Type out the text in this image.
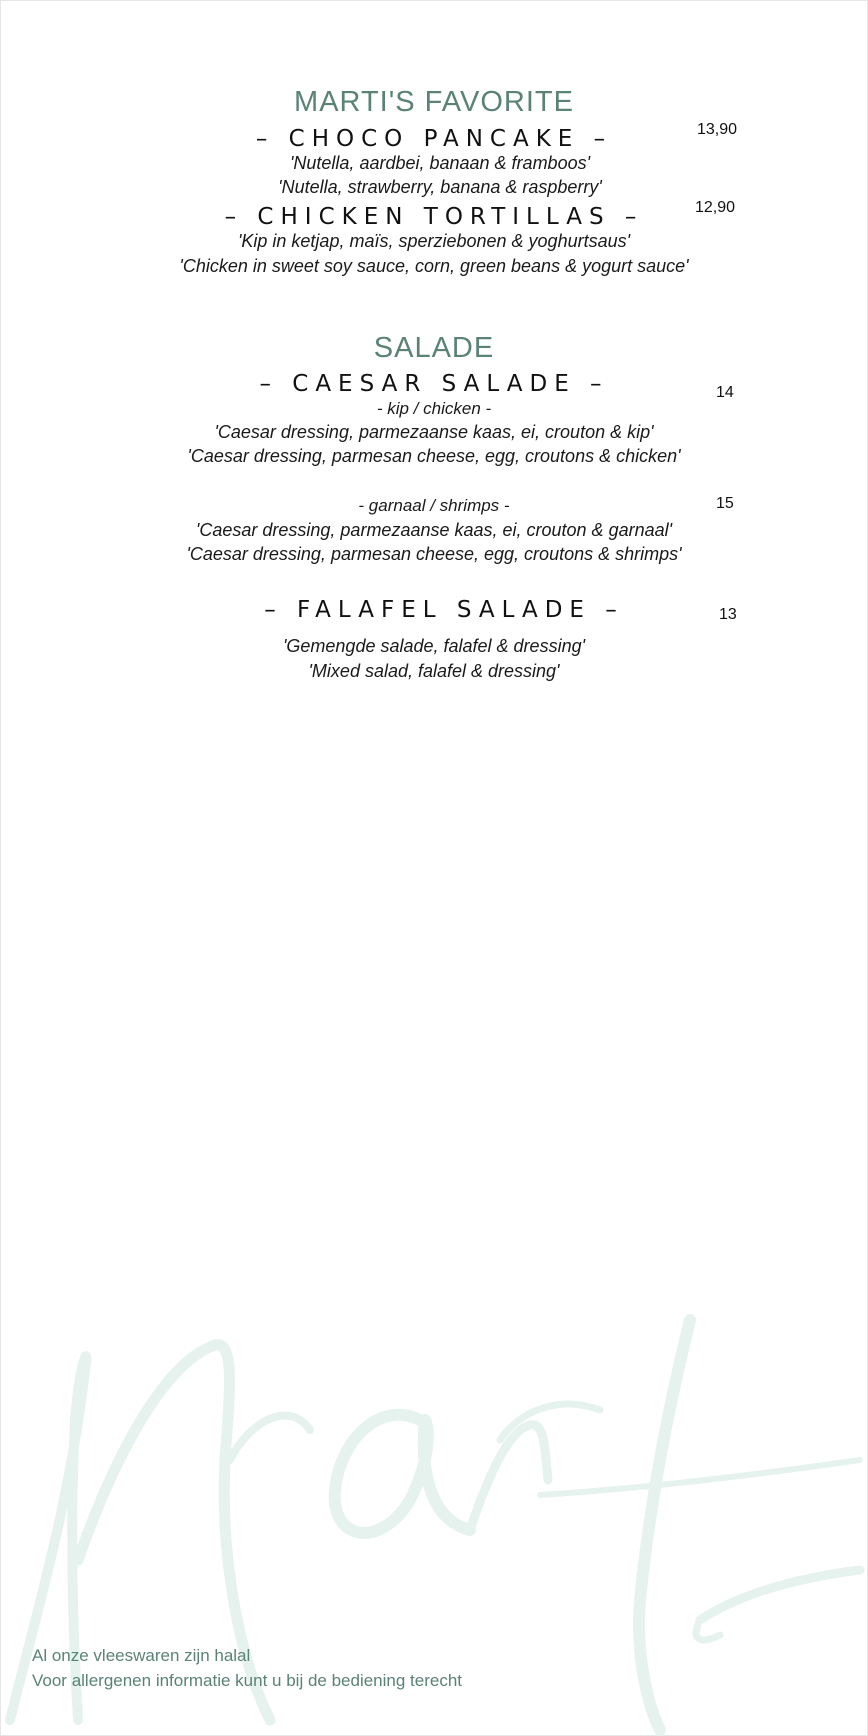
MARTI'S FAVORITE
– CHOCO PANCAKE –	13,90
'Nutella, aardbei, banaan & framboos'
'Nutella, strawberry, banana & raspberry'
– CHICKEN TORTILLAS –	12,90
'Kip in ketjap, maïs, sperziebonen & yoghurtsaus'
'Chicken in sweet soy sauce, corn, green beans & yogurt sauce'
SALADE
– CAESAR SALADE –	14
- kip / chicken -
'Caesar dressing, parmezaanse kaas, ei, crouton & kip'
'Caesar dressing, parmesan cheese, egg, croutons & chicken'
- garnaal / shrimps -	15
'Caesar dressing, parmezaanse kaas, ei, crouton & garnaal'
'Caesar dressing, parmesan cheese, egg, croutons & shrimps'
– FALAFEL SALADE –	13
'Gemengde salade, falafel & dressing'
'Mixed salad, falafel & dressing'
Al onze vleeswaren zijn halal
Voor allergenen informatie kunt u bij de bediening terecht
